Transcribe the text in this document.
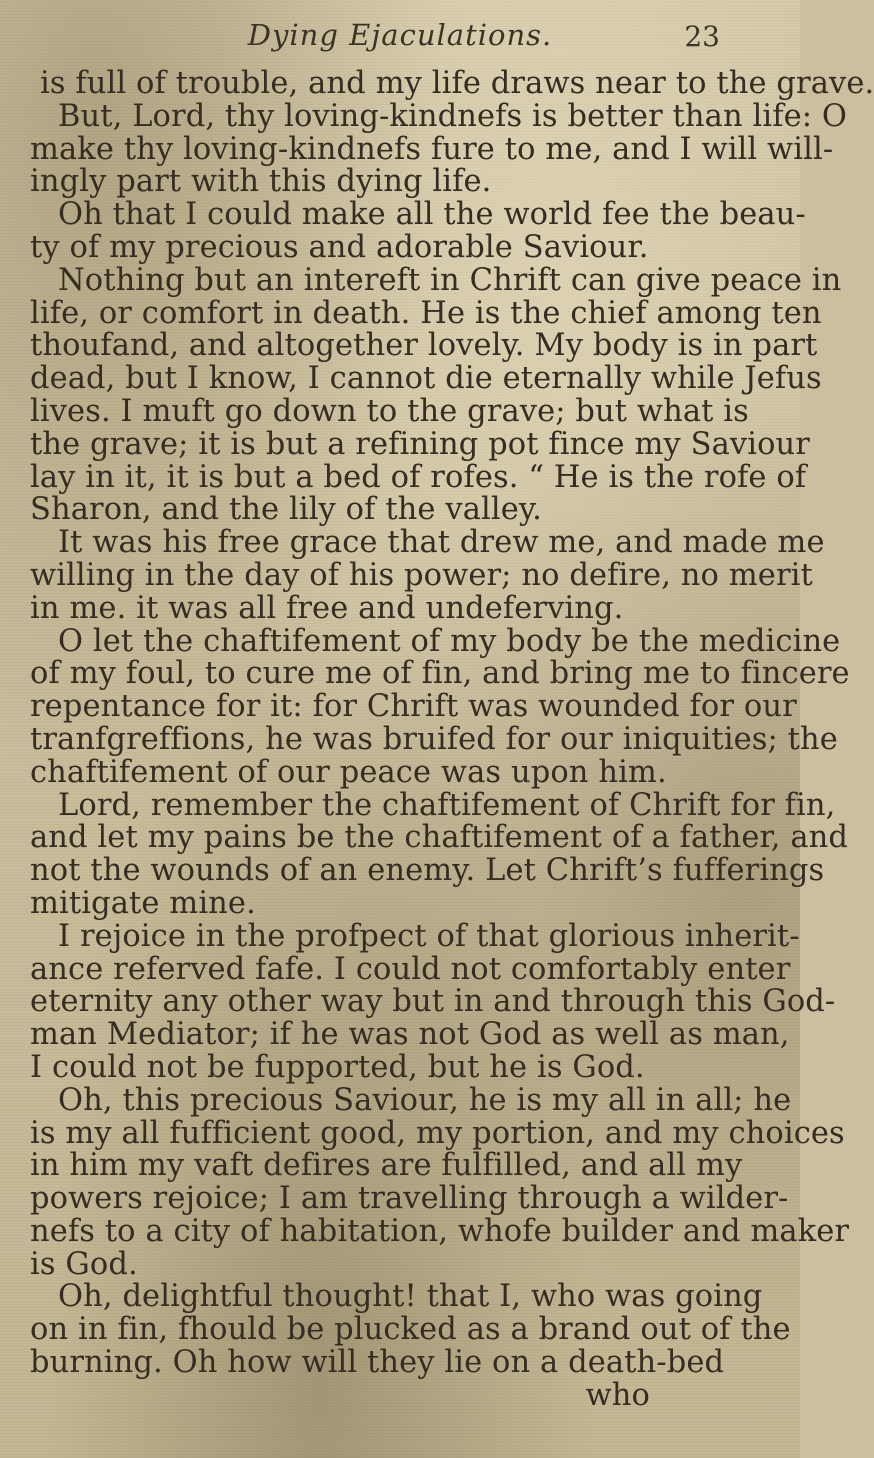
Dying Ejaculations.	23
is full of trouble, and my life draws near to the grave.
But, Lord, thy loving-kindnefs is better than life: O
make thy loving-kindnefs fure to me, and I will will-
ingly part with this dying life.
Oh that I could make all the world fee the beau-
ty of my precious and adorable Saviour.
Nothing but an intereft in Chrift can give peace in
life, or comfort in death. He is the chief among ten
thoufand, and altogether lovely. My body is in part
dead, but I know, I cannot die eternally while Jefus
lives. I muft go down to the grave; but what is
the grave; it is but a refining pot fince my Saviour
lay in it, it is but a bed of rofes. “ He is the rofe of
Sharon, and the lily of the valley.
It was his free grace that drew me, and made me
willing in the day of his power; no defire, no merit
in me. it was all free and undeferving.
O let the chaftifement of my body be the medicine
of my foul, to cure me of fin, and bring me to fincere
repentance for it: for Chrift was wounded for our
tranfgreffions, he was bruifed for our iniquities; the
chaftifement of our peace was upon him.
Lord, remember the chaftifement of Chrift for fin,
and let my pains be the chaftifement of a father, and
not the wounds of an enemy. Let Chrift’s fufferings
mitigate mine.
I rejoice in the profpect of that glorious inherit-
ance referved fafe. I could not comfortably enter
eternity any other way but in and through this God-
man Mediator; if he was not God as well as man,
I could not be fupported, but he is God.
Oh, this precious Saviour, he is my all in all; he
is my all fufficient good, my portion, and my choices
in him my vaft defires are fulfilled, and all my
powers rejoice; I am travelling through a wilder-
nefs to a city of habitation, whofe builder and maker
is God.
Oh, delightful thought! that I, who was going
on in fin, fhould be plucked as a brand out of the
burning. Oh how will they lie on a death-bed
who
